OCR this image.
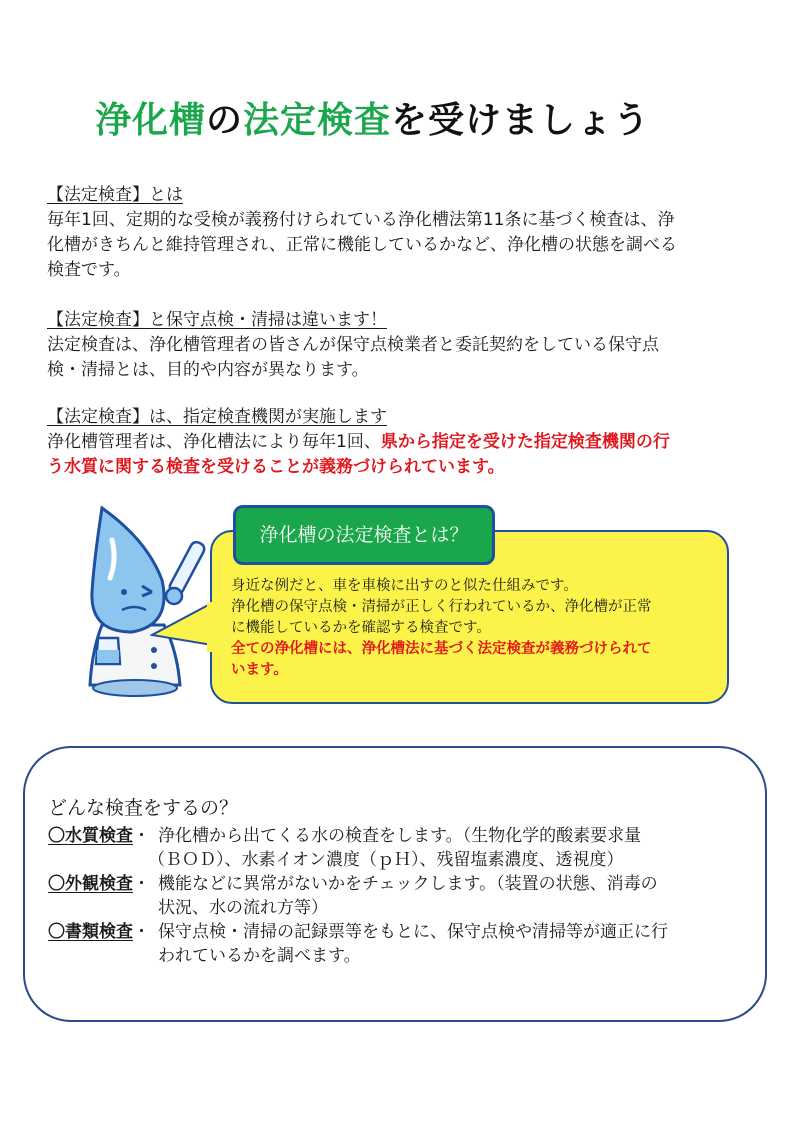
浄化槽の法定検査を受けましょう

【法定検査】とは

毎年1回、定期的な受検が義務付けられている浄化槽法第11条に基づく検査は、浄

化槽がきちんと維持管理され、正常に機能しているかなど、浄化槽の状態を調べる

検査です。

【法定検査】と保守点検・清掃は違います！

法定検査は、浄化槽管理者の皆さんが保守点検業者と委託契約をしている保守点

検・清掃とは、目的や内容が異なります。

【法定検査】は、指定検査機関が実施します

浄化槽管理者は、浄化槽法により毎年1回、県から指定を受けた指定検査機関の行

う水質に関する検査を受けることが義務づけられています。

浄化槽の法定検査とは？

身近な例だと、車を車検に出すのと似た仕組みです。

浄化槽の保守点検・清掃が正しく行われているか、浄化槽が正常

に機能しているかを確認する検査です。

全ての浄化槽には、浄化槽法に基づく法定検査が義務づけられて

います。

どんな検査をするの？
〇水質検査・ 浄化槽から出てくる水の検査をします。（生物化学的酸素要求量
（ＢＯＤ）、水素イオン濃度（ｐＨ）、残留塩素濃度、透視度）
〇外観検査・ 機能などに異常がないかをチェックします。（装置の状態、消毒の
状況、水の流れ方等）
〇書類検査・ 保守点検・清掃の記録票等をもとに、保守点検や清掃等が適正に行
われているかを調べます。
